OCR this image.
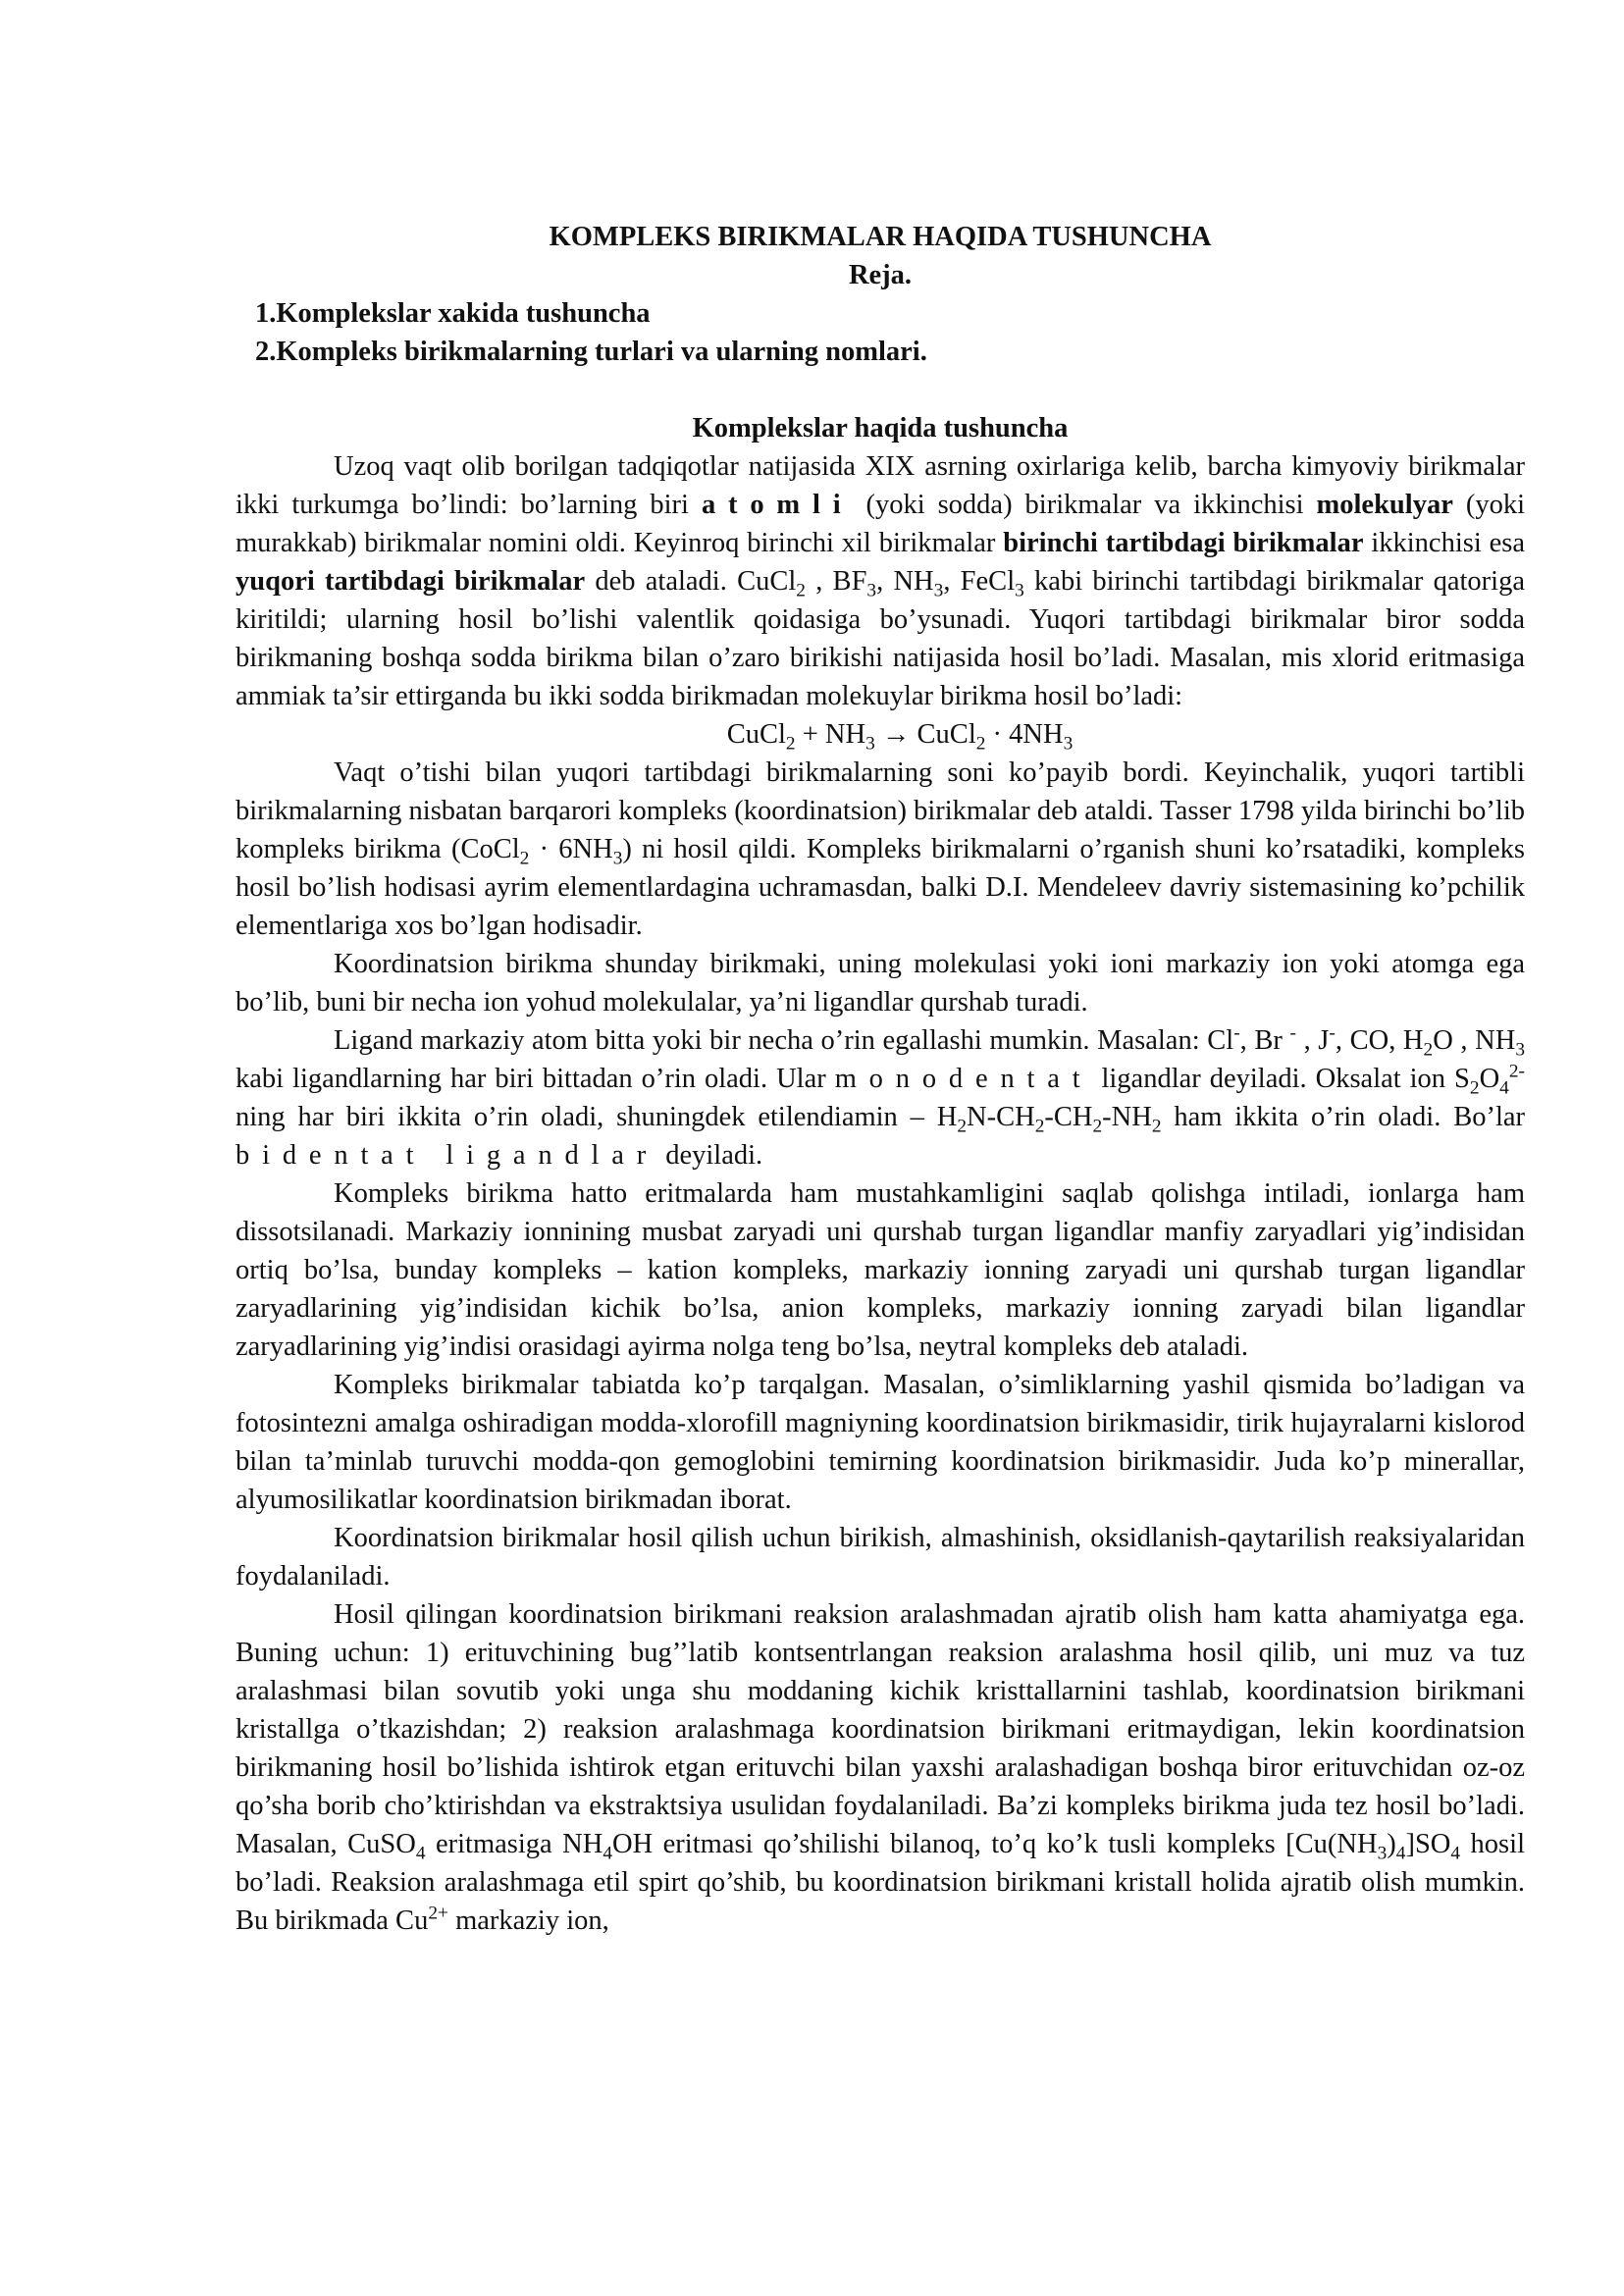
KOMPLEKS BIRIKMALAR HAQIDA TUSHUNCHA

Reja.

1.Komplekslar xakida tushuncha

2.Kompleks birikmalarning turlari va ularning nomlari.

Komplekslar haqida tushuncha

Uzoq vaqt olib borilgan tadqiqotlar natijasida XIX asrning oxirlariga kelib, barcha kimyoviy birikmalar ikki turkumga bo’lindi: bo’larning biri atomli (yoki sodda) birikmalar va ikkinchisi molekulyar (yoki murakkab) birikmalar nomini oldi. Keyinroq birinchi xil birikmalar birinchi tartibdagi birikmalar ikkinchisi esa yuqori tartibdagi birikmalar deb ataladi. CuCl$_2$ , $BF_3$, $NH_3$, FeCl$_3$ kabi birinchi tartibdagi birikmalar qatoriga kiritildi; ularning hosil bo’lishi valentlik qoidasiga bo’ysunadi. Yuqori tartibdagi birikmalar biror sodda birikmaning boshqa sodda birikma bilan o’zaro birikishi natijasida hosil bo’ladi. Masalan, mis xlorid eritmasiga ammiak ta’sir ettirganda bu ikki sodda birikmadan molekuylar birikma hosil bo’ladi:

CuCl$_2$ + $NH_3$ → CuCl$_2$ · $4NH_3$

Vaqt o’tishi bilan yuqori tartibdagi birikmalarning soni ko’payib bordi. Keyinchalik, yuqori tartibli birikmalarning nisbatan barqarori kompleks (koordinatsion) birikmalar deb ataldi. Tasser 1798 yilda birinchi bo’lib kompleks birikma (CoCl$_2$ · $6NH_3$) ni hosil qildi. Kompleks birikmalarni o’rganish shuni ko’rsatadiki, kompleks hosil bo’lish hodisasi ayrim elementlardagina uchramasdan, balki D.I. Mendeleev davriy sistemasining ko’pchilik elementlariga xos bo’lgan hodisadir.

Koordinatsion birikma shunday birikmaki, uning molekulasi yoki ioni markaziy ion yoki atomga ega bo’lib, buni bir necha ion yohud molekulalar, ya’ni ligandlar qurshab turadi.

Ligand markaziy atom bitta yoki bir necha o’rin egallashi mumkin. Masalan: Cl-, Br - , J-, CO, $H_2O$ , $NH_3$ kabi ligandlarning har biri bittadan o’rin oladi. Ular monodentat ligandlar deyiladi. Oksalat ion $S_2O_4^{2-}$ ning har biri ikkita o’rin oladi, shuningdek etilendiamin – $H_2N-CH_2-CH_2-NH_2$ ham ikkita o’rin oladi. Bo’lar bidentat ligandlar deyiladi.

Kompleks birikma hatto eritmalarda ham mustahkamligini saqlab qolishga intiladi, ionlarga ham dissotsilanadi. Markaziy ionnining musbat zaryadi uni qurshab turgan ligandlar manfiy zaryadlari yig’indisidan ortiq bo’lsa, bunday kompleks – kation kompleks, markaziy ionning zaryadi uni qurshab turgan ligandlar zaryadlarining yig’indisidan kichik bo’lsa, anion kompleks, markaziy ionning zaryadi bilan ligandlar zaryadlarining yig’indisi orasidagi ayirma nolga teng bo’lsa, neytral kompleks deb ataladi.

Kompleks birikmalar tabiatda ko’p tarqalgan. Masalan, o’simliklarning yashil qismida bo’ladigan va fotosintezni amalga oshiradigan modda-xlorofill magniyning koordinatsion birikmasidir, tirik hujayralarni kislorod bilan ta’minlab turuvchi modda-qon gemoglobini temirning koordinatsion birikmasidir. Juda ko’p minerallar, alyumosilikatlar koordinatsion birikmadan iborat.

Koordinatsion birikmalar hosil qilish uchun birikish, almashinish, oksidlanish-qaytarilish reaksiyalaridan foydalaniladi.

Hosil qilingan koordinatsion birikmani reaksion aralashmadan ajratib olish ham katta ahamiyatga ega. Buning uchun: 1) erituvchining bug’’latib kontsentrlangan reaksion aralashma hosil qilib, uni muz va tuz aralashmasi bilan sovutib yoki unga shu moddaning kichik kristtallarnini tashlab, koordinatsion birikmani kristallga o’tkazishdan; 2) reaksion aralashmaga koordinatsion birikmani eritmaydigan, lekin koordinatsion birikmaning hosil bo’lishida ishtirok etgan erituvchi bilan yaxshi aralashadigan boshqa biror erituvchidan oz-oz qo’sha borib cho’ktirishdan va ekstraktsiya usulidan foydalaniladi. Ba’zi kompleks birikma juda tez hosil bo’ladi. Masalan, CuSO$_4$ eritmasiga $NH_4OH$ eritmasi qo’shilishi bilanoq, to’q ko’k tusli kompleks $[Cu(NH_3)_4]SO_4$ hosil bo’ladi. Reaksion aralashmaga etil spirt qo’shib, bu koordinatsion birikmani kristall holida ajratib olish mumkin. Bu birikmada $Cu^{2+}$ markaziy ion,
